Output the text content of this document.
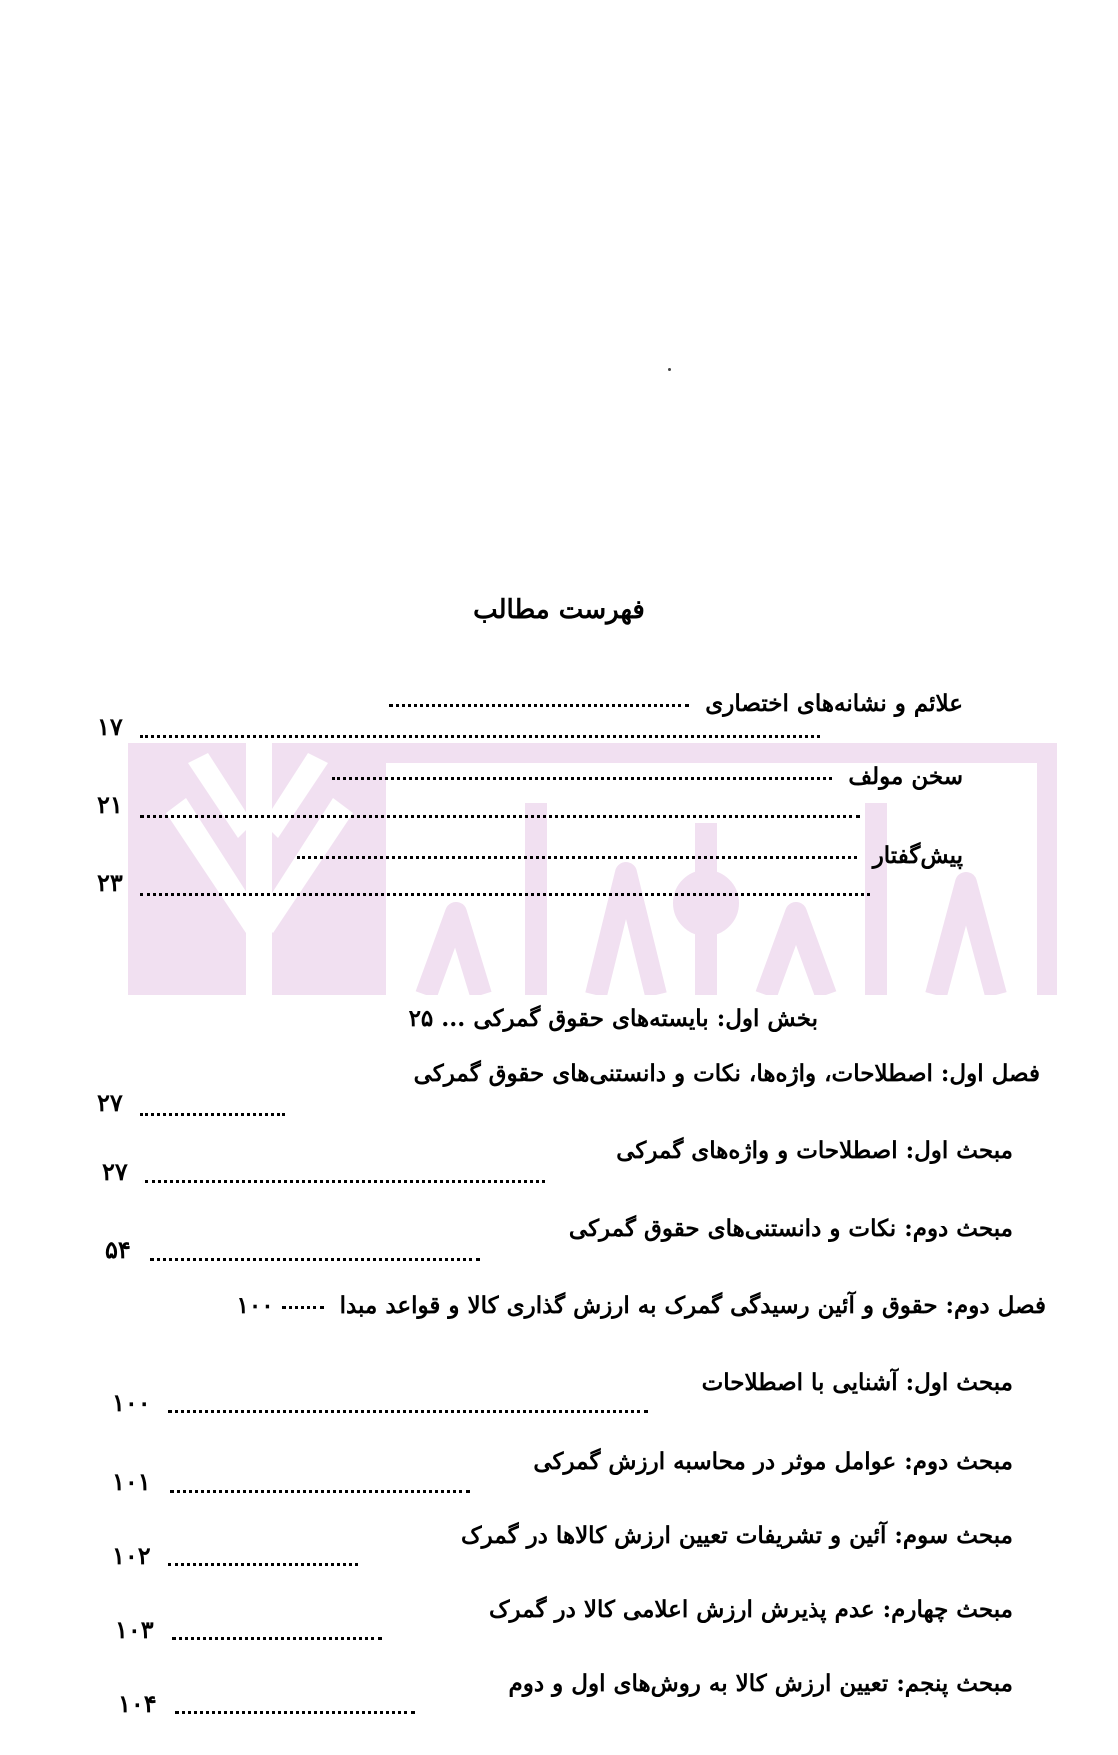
فهرست مطالب
علائم و نشانه‌های اختصاری
۱۷
سخن مولف
۲۱
پیش‌گفتار
۲۳
بخش اول: بایسته‌های حقوق گمرکی ... ۲۵
فصل اول: اصطلاحات، واژه‌ها، نکات و دانستنی‌های حقوق گمرکی
۲۷
مبحث اول: اصطلاحات و واژه‌های گمرکی
۲۷
مبحث دوم: نکات و دانستنی‌های حقوق گمرکی
۵۴
فصل دوم: حقوق و آئین رسیدگی گمرک به ارزش گذاری کالا و قواعد مبدا  ۱۰۰
مبحث اول: آشنایی با اصطلاحات
۱۰۰
مبحث دوم: عوامل موثر در محاسبه ارزش گمرکی
۱۰۱
مبحث سوم: آئین و تشریفات تعیین ارزش کالاها در گمرک
۱۰۲
مبحث چهارم: عدم پذیرش ارزش اعلامی کالا در گمرک
۱۰۳
مبحث پنجم: تعیین ارزش کالا به روش‌های اول و دوم
۱۰۴
